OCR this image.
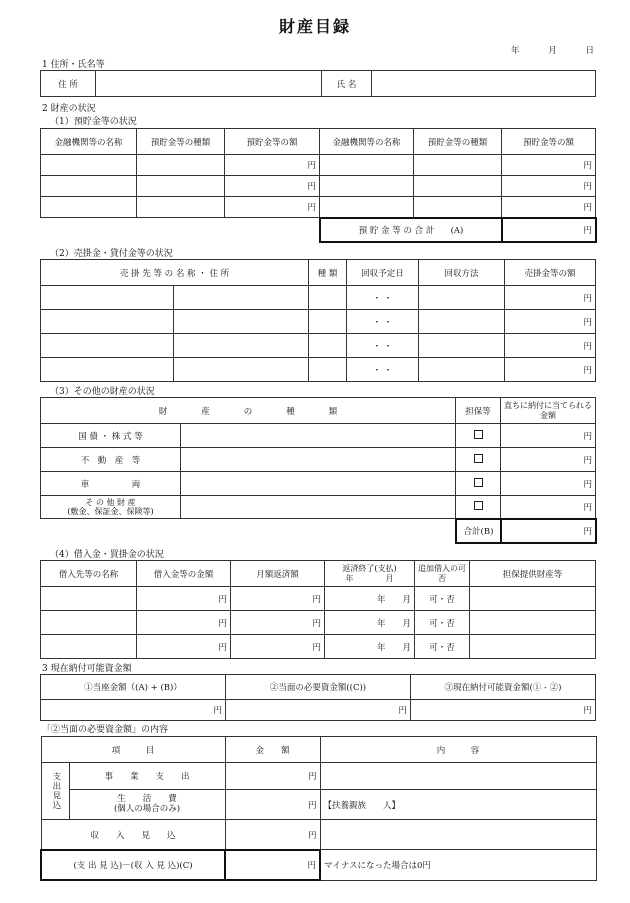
財産目録
年	月	日
1 住所・氏名等
住 所		氏 名	
2 財産の状況
（1）預貯金等の状況
金融機関等の名称	預貯金等の種類	預貯金等の額	金融機関等の名称	預貯金等の種類	預貯金等の額
		円			円
		円			円
		円			円
預 貯 金 等 の 合 計 (A)	円
（2）売掛金・貸付金等の状況
売 掛 先 等 の 名 称 ・ 住 所		種 類	回収予定日	回収方法	売掛金等の額
			・ ・		円
			・ ・		円
			・ ・		円
			・ ・		円
（3）その他の財産の状況
財　　　　産　　　　の　　　　種　　　　類		担保等	直ちに納付に当てられる金額
国 債 ・ 株 式 等			円
不　動　産　等			円
車　　　　　両			円
そ の 他 財 産
(敷金、保証金、保険等)			円
合計(B)	円
（4）借入金・買掛金の状況
借入先等の名称	借入金等の金額	月額返済額	返済終了(支払)
年　　　　月	追加借入の可否	担保提供財産等
	円	円	年　　月	可・否	
	円	円	年　　月	可・否	
	円	円	年　　月	可・否	
3 現在納付可能資金額
①当座金額（(A) + (B)）	②当面の必要資金額((C))	③現在納付可能資金額(① - ②)
円	円	円
「②当面の必要資金額」の内容
項　　　目		金　　額	内　　　容
支出見込	事　　業　　支　　出	円	
	生　　活　　費
(個人の場合のみ)	円	【扶養親族　　人】
収　　入　　見　　込		円	
(支 出 見 込)－(収 入 見 込)(C)		円	マイナスになった場合は0円
